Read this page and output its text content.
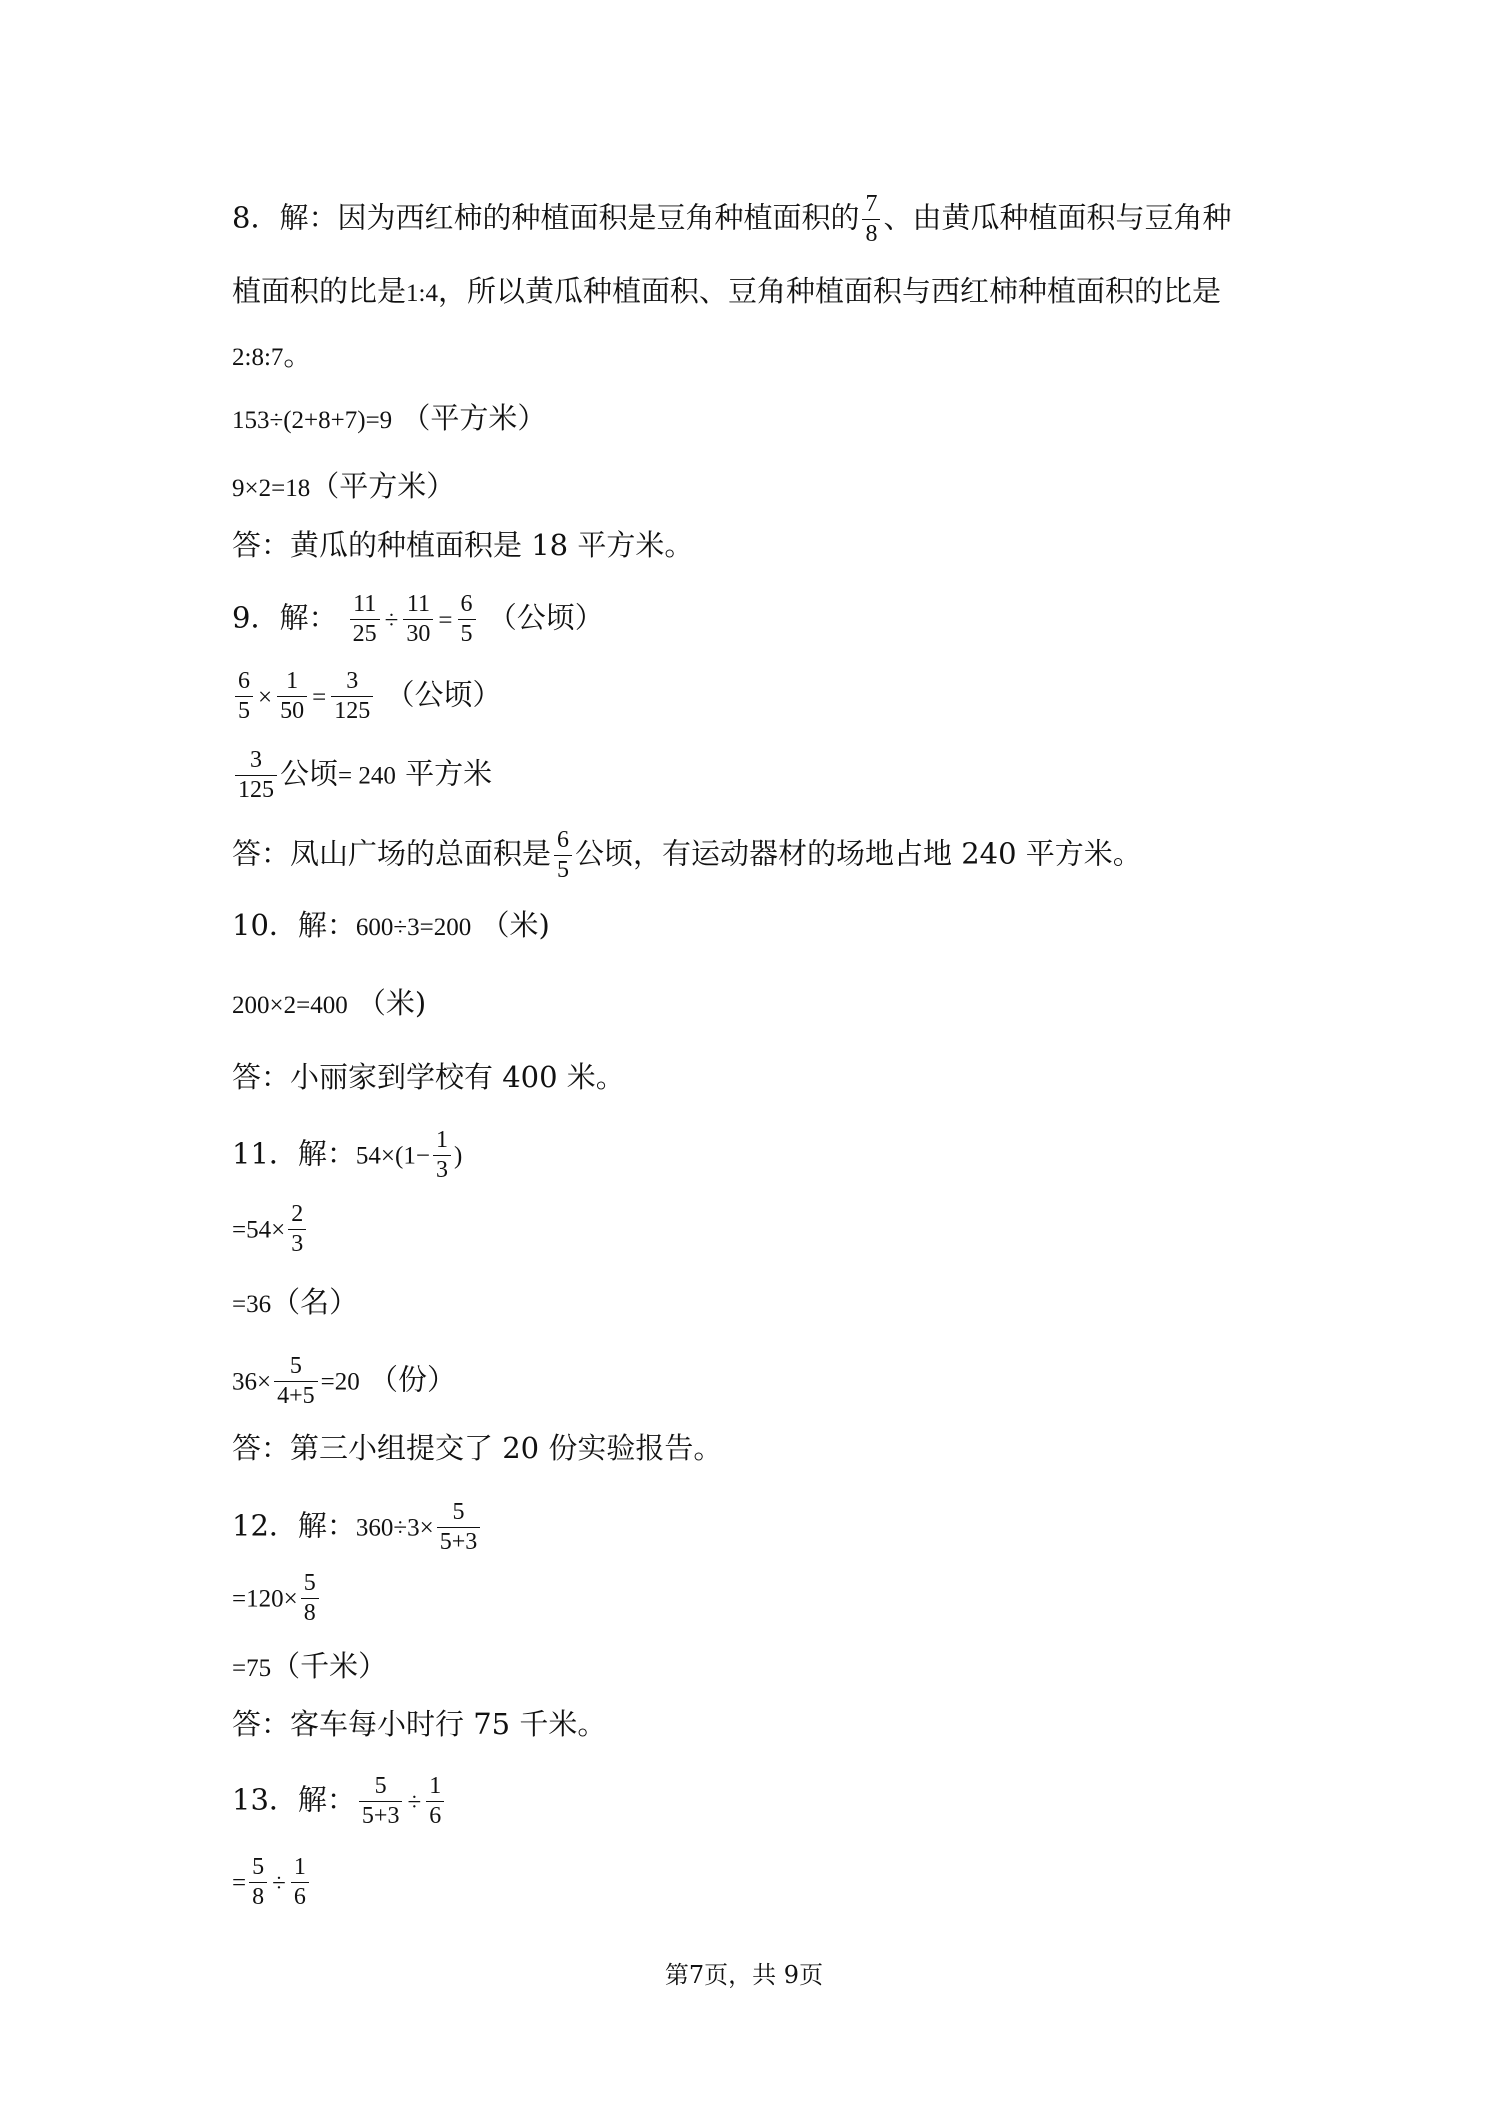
8．解：因为西红柿的种植面积是豆角种植面积的 $\frac{7}{8}$ 、由黄瓜种植面积与豆角种
植面积的比是1:4，所以黄瓜种植面积、豆角种植面积与西红柿种植面积的比是
2:8:7。
153÷(2+8+7)=9 （平方米）
9×2=18（平方米）
答：黄瓜的种植面积是 18 平方米。
9．解： $\frac{11}{25} \div \frac{11}{30} = \frac{6}{5}$ （公顷）
$\frac{6}{5} \times \frac{1}{50} = \frac{3}{125}$ （公顷）
$\frac{3}{125}$ 公顷= 240 平方米
答：凤山广场的总面积是 $\frac{6}{5}$ 公顷，有运动器材的场地占地 240 平方米。
10．解：600÷3=200 （米)
200×2=400 （米)
答：小丽家到学校有 400 米。
11．解：$54\times(1- \frac{1}{3}$ )
$=54\times \frac{2}{3}$
=36（名）
$36\times \frac{5}{4+5} =20$ （份）
答：第三小组提交了 20 份实验报告。
12．解：$360\div 3\times \frac{5}{5+3}$
$=120\times \frac{5}{8}$
=75（千米）
答：客车每小时行 75 千米。
13．解： $\frac{5}{5+3} \div \frac{1}{6}$
= $\frac{5}{8} \div \frac{1}{6}$
第7页，共 9页
